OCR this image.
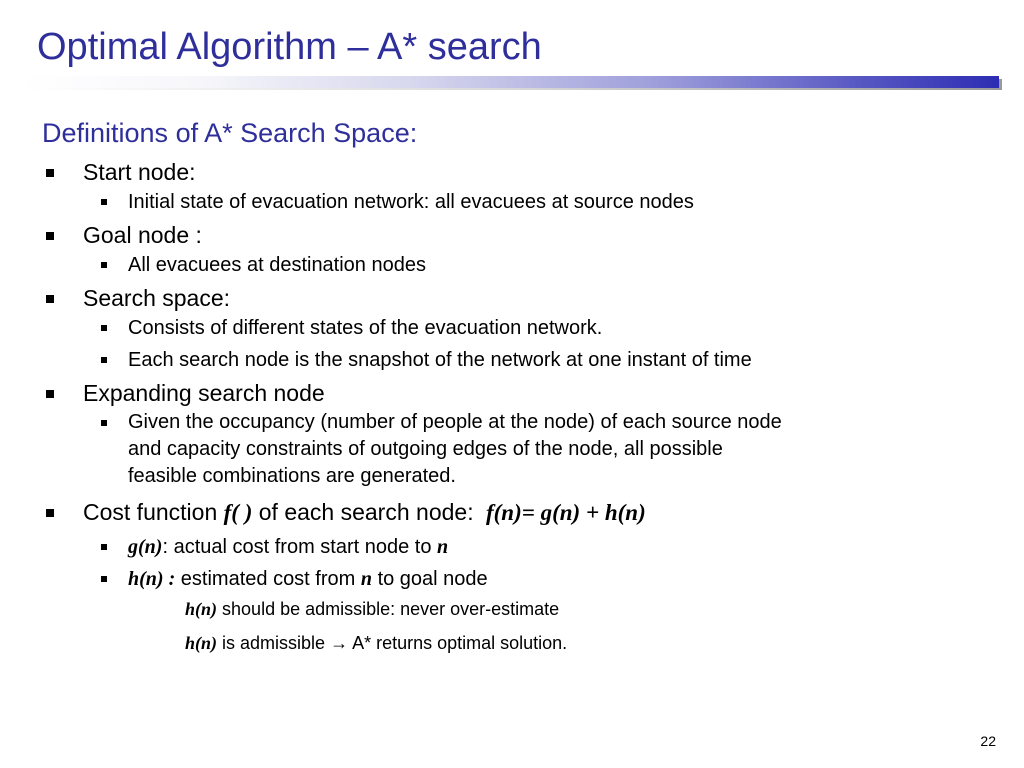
Optimal Algorithm – A* search
Definitions of A* Search Space:
Start node:
Initial state of evacuation network: all evacuees at source nodes
Goal node :
All evacuees at destination nodes
Search space:
Consists of different states of the evacuation network.
Each search node is the snapshot of the network at one instant of time
Expanding search node
Given the occupancy (number of people at the node) of each source node
and capacity constraints of outgoing edges of the node, all possible
feasible combinations are generated.
Cost function f( ) of each search node: f(n)= g(n) + h(n)
g(n): actual cost from start node to n
h(n) : estimated cost from n to goal node
h(n) should be admissible: never over-estimate
h(n) is admissible → A* returns optimal solution.
22
